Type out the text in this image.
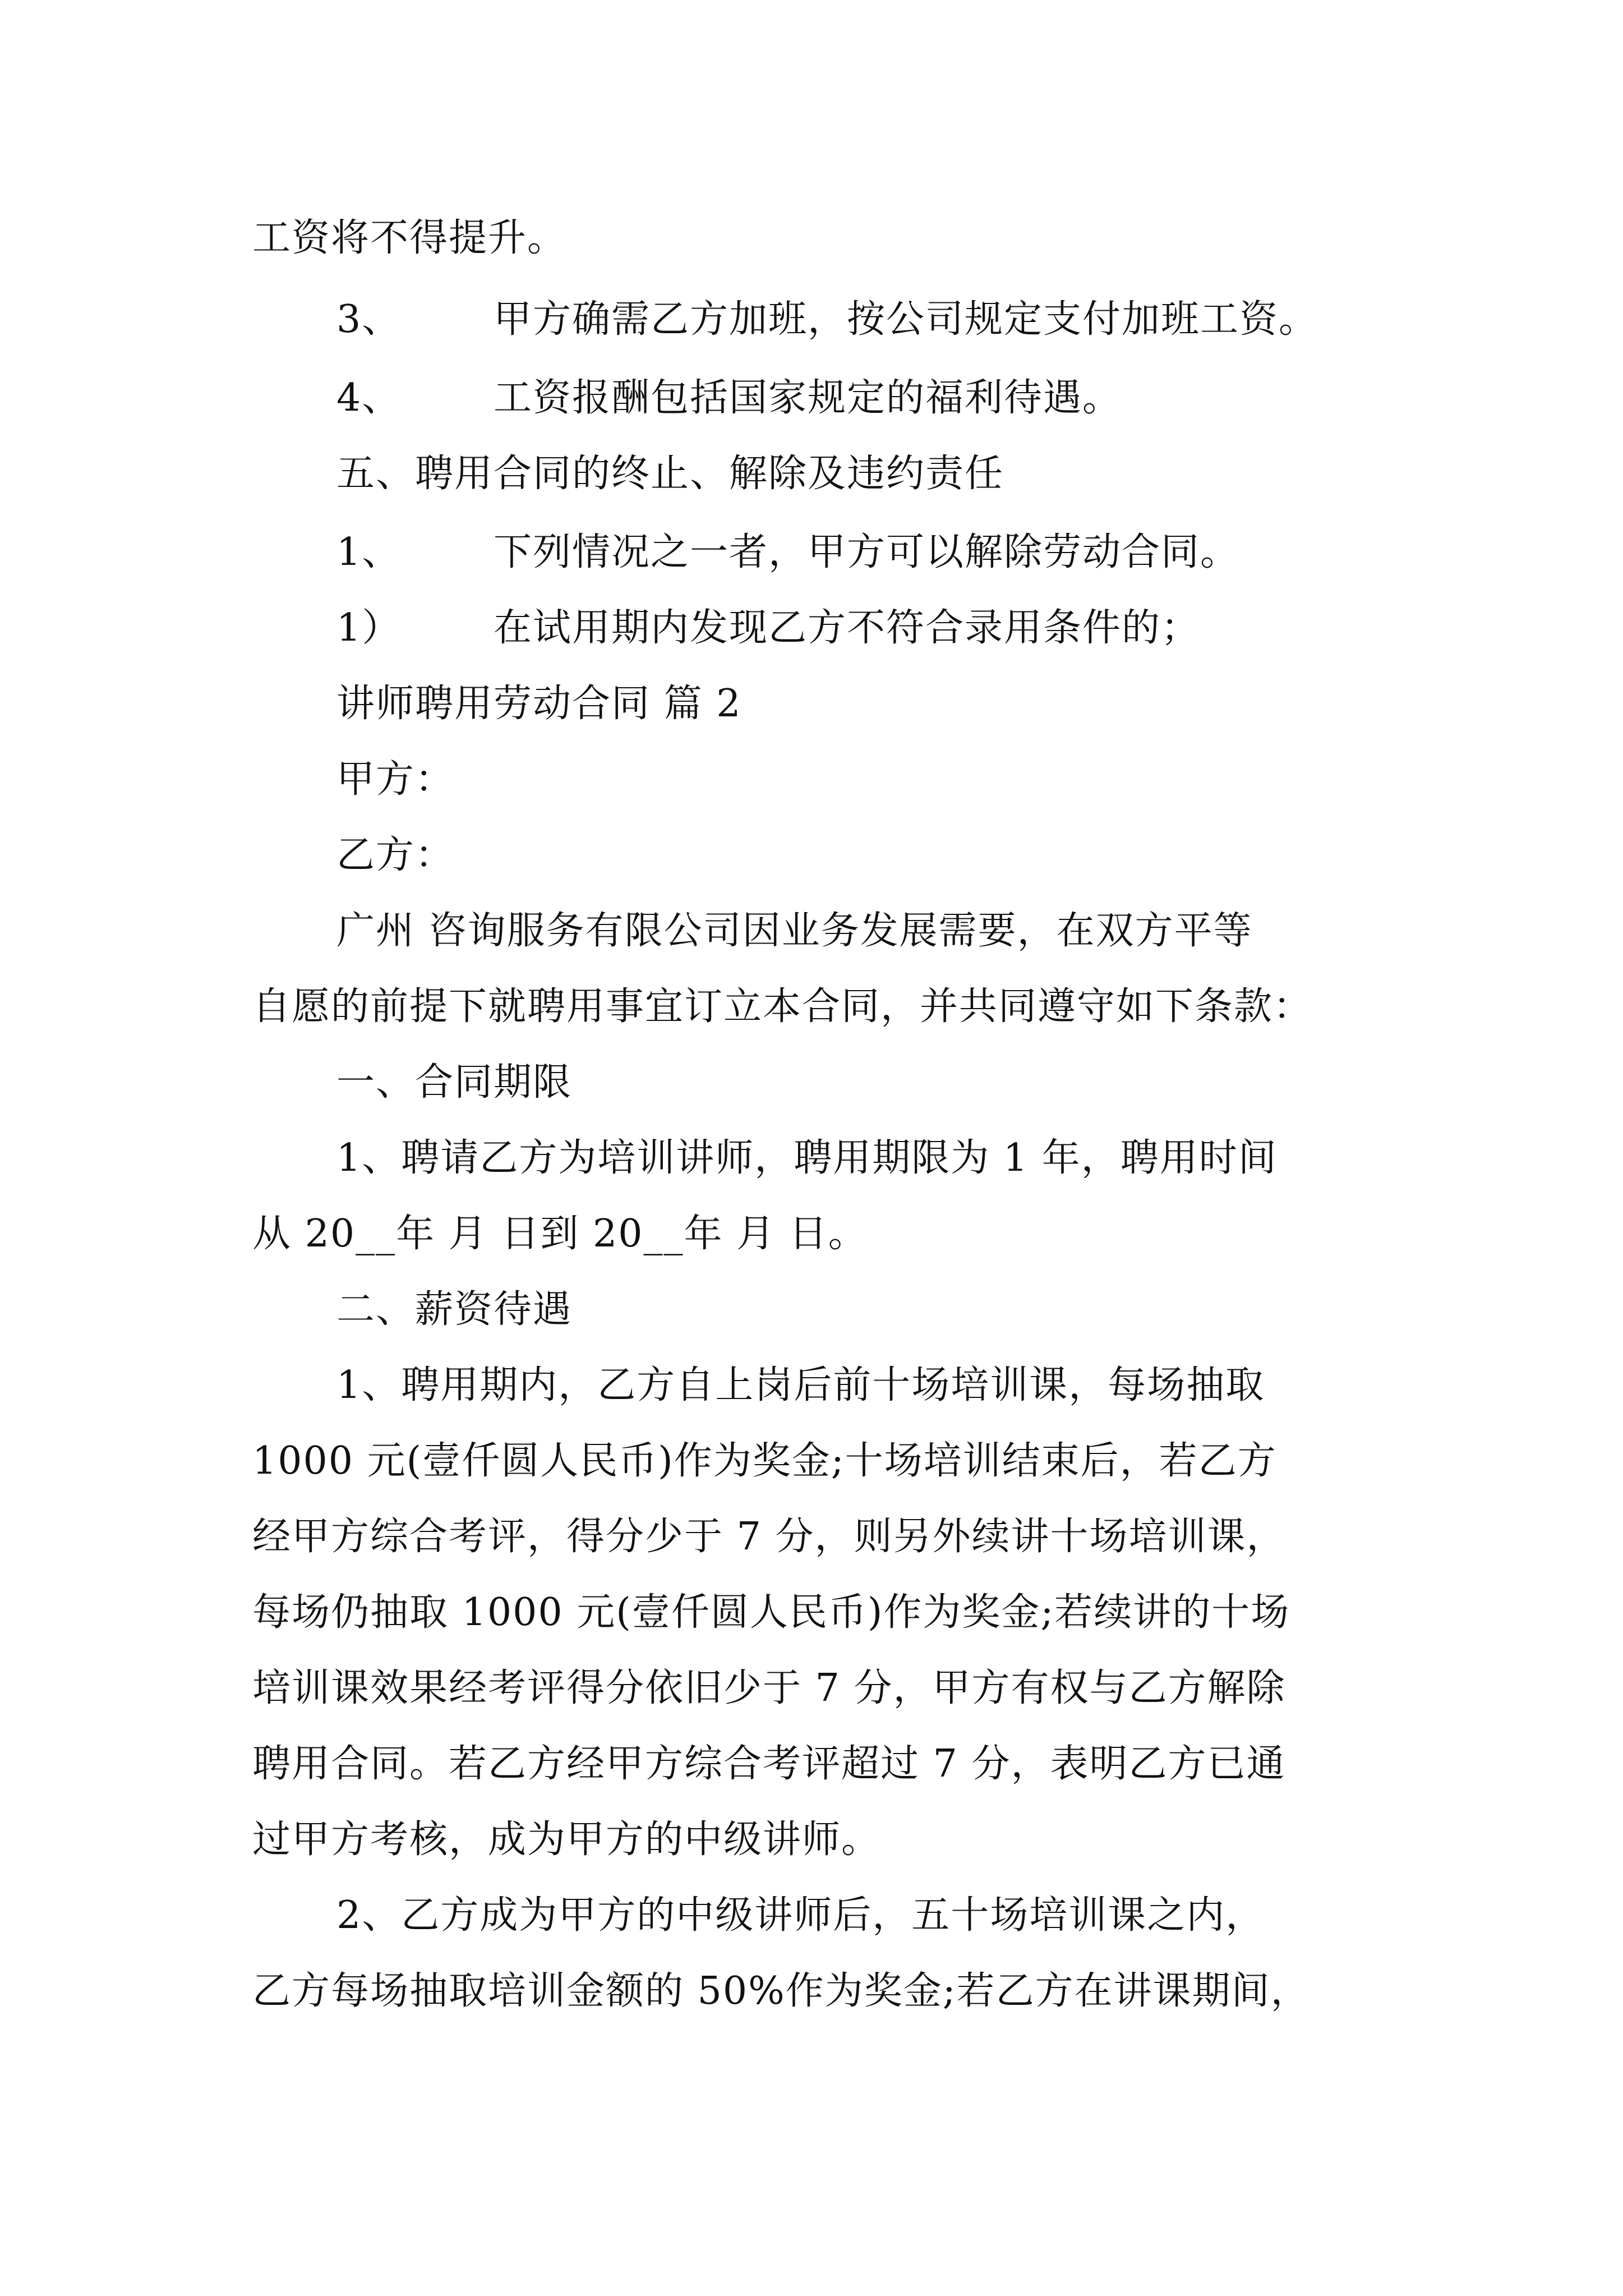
工资将不得提升。
3、 甲方确需乙方加班，按公司规定支付加班工资。
4、 工资报酬包括国家规定的福利待遇。
五、聘用合同的终止、解除及违约责任
1、 下列情况之一者，甲方可以解除劳动合同。
1） 在试用期内发现乙方不符合录用条件的；
讲师聘用劳动合同 篇 2
甲方：
乙方：
广州 咨询服务有限公司因业务发展需要，在双方平等
自愿的前提下就聘用事宜订立本合同，并共同遵守如下条款：
一、合同期限
1、聘请乙方为培训讲师，聘用期限为 1 年，聘用时间
从 20__年 月 日到 20__年 月 日。
二、薪资待遇
1、聘用期内，乙方自上岗后前十场培训课，每场抽取
1000 元(壹仟圆人民币)作为奖金;十场培训结束后，若乙方
经甲方综合考评，得分少于 7 分，则另外续讲十场培训课，
每场仍抽取 1000 元(壹仟圆人民币)作为奖金;若续讲的十场
培训课效果经考评得分依旧少于 7 分，甲方有权与乙方解除
聘用合同。若乙方经甲方综合考评超过 7 分，表明乙方已通
过甲方考核，成为甲方的中级讲师。
2、乙方成为甲方的中级讲师后，五十场培训课之内，
乙方每场抽取培训金额的 50%作为奖金;若乙方在讲课期间，
